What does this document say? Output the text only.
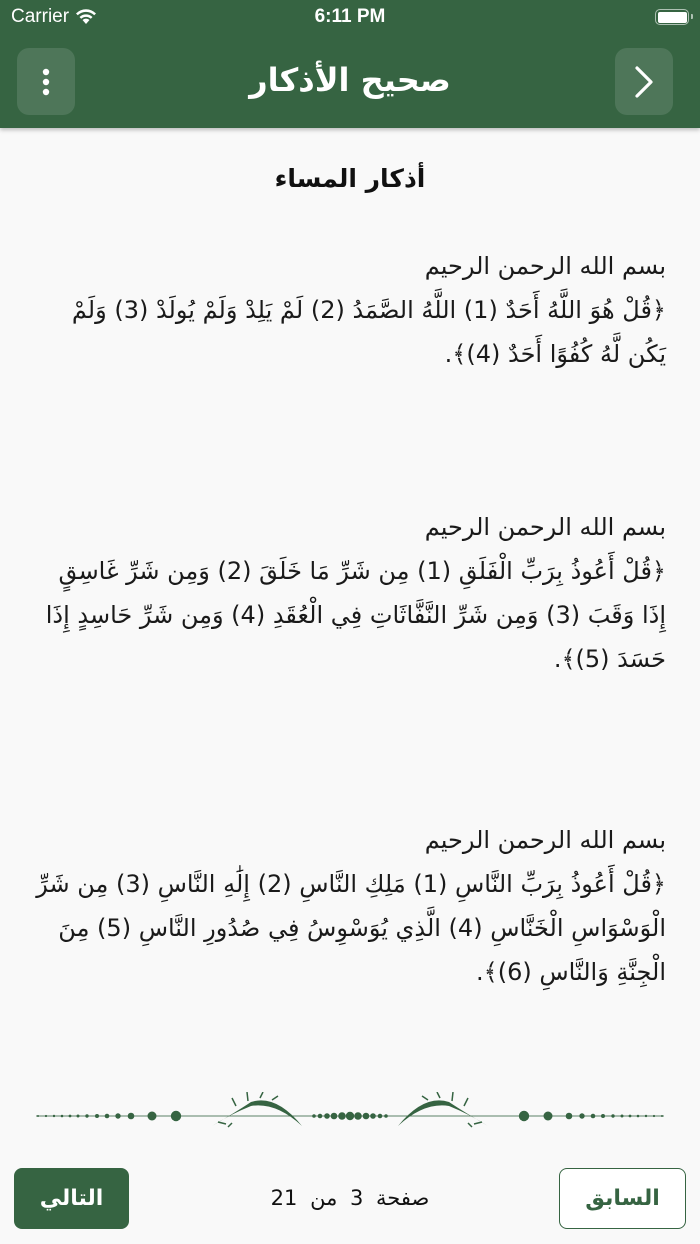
Carrier	6:11 PM
صحيح الأذكار
أذكار المساء
بسم الله الرحمن الرحيم
﴿قُلْ هُوَ اللَّهُ أَحَدٌ (1) اللَّهُ الصَّمَدُ (2) لَمْ يَلِدْ وَلَمْ يُولَدْ (3) وَلَمْ يَكُن لَّهُ كُفُوًا أَحَدٌ (4)﴾.
بسم الله الرحمن الرحيم
﴿قُلْ أَعُوذُ بِرَبِّ الْفَلَقِ (1) مِن شَرِّ مَا خَلَقَ (2) وَمِن شَرِّ غَاسِقٍ إِذَا وَقَبَ (3) وَمِن شَرِّ النَّفَّاثَاتِ فِي الْعُقَدِ (4) وَمِن شَرِّ حَاسِدٍ إِذَا حَسَدَ (5)﴾.
بسم الله الرحمن الرحيم
﴿قُلْ أَعُوذُ بِرَبِّ النَّاسِ (1) مَلِكِ النَّاسِ (2) إِلَٰهِ النَّاسِ (3) مِن شَرِّ الْوَسْوَاسِ الْخَنَّاسِ (4) الَّذِي يُوَسْوِسُ فِي صُدُورِ النَّاسِ (5) مِنَ الْجِنَّةِ وَالنَّاسِ (6)﴾.
التالي	صفحة 3 من 21	السابق
